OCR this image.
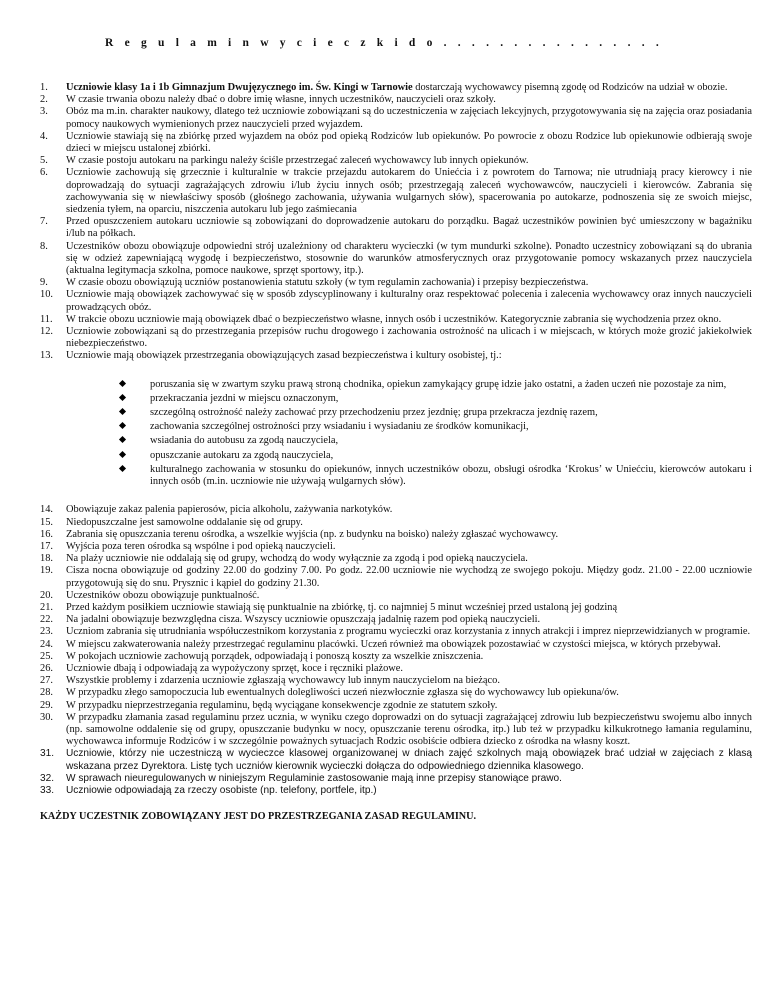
R e g u l a m i n w y c i e c z k i d o . . . . . . . . . . . . . . . .
1.	Uczniowie klasy 1a i 1b Gimnazjum Dwujęzycznego im. Św. Kingi w Tarnowie dostarczają wychowawcy pisemną zgodę od Rodziców na udział w obozie.
2.	W czasie trwania obozu należy dbać o dobre imię własne, innych uczestników, nauczycieli oraz szkoły.
3.	Obóz ma m.in. charakter naukowy, dlatego też uczniowie zobowiązani są do uczestniczenia w zajęciach lekcyjnych, przygotowywania się na zajęcia oraz posiadania pomocy naukowych wymienionych przez nauczycieli przed wyjazdem.
4.	Uczniowie stawiają się na zbiórkę przed wyjazdem na obóz pod opieką Rodziców lub opiekunów. Po powrocie z obozu Rodzice lub opiekunowie odbierają swoje dzieci w miejscu ustalonej zbiórki.
5.	W czasie postoju autokaru na parkingu należy ściśle przestrzegać zaleceń wychowawcy lub innych opiekunów.
6.	Uczniowie zachowują się grzecznie i kulturalnie w trakcie przejazdu autokarem do Uniećcia i z powrotem do Tarnowa; nie utrudniają pracy kierowcy i nie doprowadzają do sytuacji zagrażających zdrowiu i/lub życiu innych osób; przestrzegają zaleceń wychowawców, nauczycieli i kierowców. Zabrania się zachowywania się w niewłaściwy sposób (głośnego zachowania, używania wulgarnych słów), spacerowania po autokarze, podnoszenia się ze swoich miejsc, siedzenia tyłem, na oparciu, niszczenia autokaru lub jego zaśmiecania
7.	Przed opuszczeniem autokaru uczniowie są zobowiązani do doprowadzenie autokaru do porządku. Bagaż uczestników powinien być umieszczony w bagażniku i/lub na półkach.
8.	Uczestników obozu obowiązuje odpowiedni strój uzależniony od charakteru wycieczki (w tym mundurki szkolne). Ponadto uczestnicy zobowiązani są do ubrania się w odzież zapewniającą wygodę i bezpieczeństwo, stosownie do warunków atmosferycznych oraz przygotowanie pomocy wskazanych przez nauczyciela (aktualna legitymacja szkolna, pomoce naukowe, sprzęt sportowy, itp.).
9.	W czasie obozu obowiązują uczniów postanowienia statutu szkoły (w tym regulamin zachowania) i przepisy bezpieczeństwa.
10.	Uczniowie mają obowiązek zachowywać się w sposób zdyscyplinowany i kulturalny oraz respektować polecenia i zalecenia wychowawcy oraz innych nauczycieli prowadzących obóz.
11.	W trakcie obozu uczniowie mają obowiązek dbać o bezpieczeństwo własne, innych osób i uczestników. Kategorycznie zabrania się wychodzenia przez okno.
12.	Uczniowie zobowiązani są do przestrzegania przepisów ruchu drogowego i zachowania ostrożność na ulicach i w miejscach, w których może grozić jakiekolwiek niebezpieczeństwo.
13.	Uczniowie mają obowiązek przestrzegania obowiązujących zasad bezpieczeństwa i kultury osobistej, tj.:
poruszania się w zwartym szyku prawą stroną chodnika, opiekun zamykający grupę idzie jako ostatni, a żaden uczeń nie pozostaje za nim,
przekraczania jezdni w miejscu oznaczonym,
szczególną ostrożność należy zachować przy przechodzeniu przez jezdnię; grupa przekracza jezdnię razem,
zachowania szczególnej ostrożności przy wsiadaniu i wysiadaniu ze środków komunikacji,
wsiadania do autobusu za zgodą nauczyciela,
opuszczanie autokaru za zgodą nauczyciela,
kulturalnego zachowania w stosunku do opiekunów, innych uczestników obozu, obsługi ośrodka ‘Krokus’ w Uniećciu, kierowców autokaru i innych osób (m.in. uczniowie nie używają wulgarnych słów).
14.	Obowiązuje zakaz palenia papierosów, picia alkoholu, zażywania narkotyków.
15.	Niedopuszczalne jest samowolne oddalanie się od grupy.
16.	Zabrania się opuszczania terenu ośrodka, a wszelkie wyjścia (np. z budynku na boisko) należy zgłaszać wychowawcy.
17.	Wyjścia poza teren ośrodka są wspólne i pod opieką nauczycieli.
18.	Na plaży uczniowie nie oddalają się od grupy, wchodzą do wody wyłącznie za zgodą i pod opieką nauczyciela.
19.	Cisza nocna obowiązuje od godziny 22.00 do godziny 7.00. Po godz. 22.00 uczniowie nie wychodzą ze swojego pokoju. Między godz. 21.00 - 22.00 uczniowie przygotowują się do snu. Prysznic i kąpiel do godziny 21.30.
20.	Uczestników obozu obowiązuje punktualność.
21.	Przed każdym posiłkiem uczniowie stawiają się punktualnie na zbiórkę, tj. co najmniej 5 minut wcześniej przed ustaloną jej godziną
22.	Na jadalni obowiązuje bezwzględna cisza. Wszyscy uczniowie opuszczają jadalnię razem pod opieką nauczycieli.
23.	Uczniom zabrania się utrudniania współuczestnikom korzystania z programu wycieczki oraz korzystania z innych atrakcji i imprez nieprzewidzianych w programie.
24.	W miejscu zakwaterowania należy przestrzegać regulaminu placówki. Uczeń również ma obowiązek pozostawiać w czystości miejsca, w których przebywał.
25.	W pokojach uczniowie zachowują porządek, odpowiadają i ponoszą koszty za wszelkie zniszczenia.
26.	Uczniowie dbają i odpowiadają za wypożyczony sprzęt, koce i ręczniki plażowe.
27.	Wszystkie problemy i zdarzenia uczniowie zgłaszają wychowawcy lub innym nauczycielom na bieżąco.
28.	W przypadku złego samopoczucia lub ewentualnych dolegliwości uczeń niezwłocznie zgłasza się do wychowawcy lub opiekuna/ów.
29.	W przypadku nieprzestrzegania regulaminu, będą wyciągane konsekwencje zgodnie ze statutem szkoły.
30.	W przypadku złamania zasad regulaminu przez ucznia, w wyniku czego doprowadzi on do sytuacji zagrażającej zdrowiu lub bezpieczeństwu swojemu albo innych (np. samowolne oddalenie się od grupy, opuszczanie budynku w nocy, opuszczanie terenu ośrodka, itp.) lub też w przypadku kilkukrotnego łamania regulaminu, wychowawca informuje Rodziców i w szczególnie poważnych sytuacjach Rodzic osobiście odbiera dziecko z ośrodka na własny koszt.
31.	Uczniowie, którzy nie uczestniczą w wycieczce klasowej organizowanej w dniach zajęć szkolnych mają obowiązek brać udział w zajęciach z klasą wskazana przez Dyrektora. Listę tych uczniów kierownik wycieczki dołącza do odpowiedniego dziennika klasowego.
32.	W sprawach nieuregulowanych w niniejszym Regulaminie zastosowanie mają inne przepisy stanowiące prawo.
33.	Uczniowie odpowiadają za rzeczy osobiste (np. telefony, portfele, itp.)
KAŻDY UCZESTNIK ZOBOWIĄZANY JEST DO PRZESTRZEGANIA ZASAD REGULAMINU.
